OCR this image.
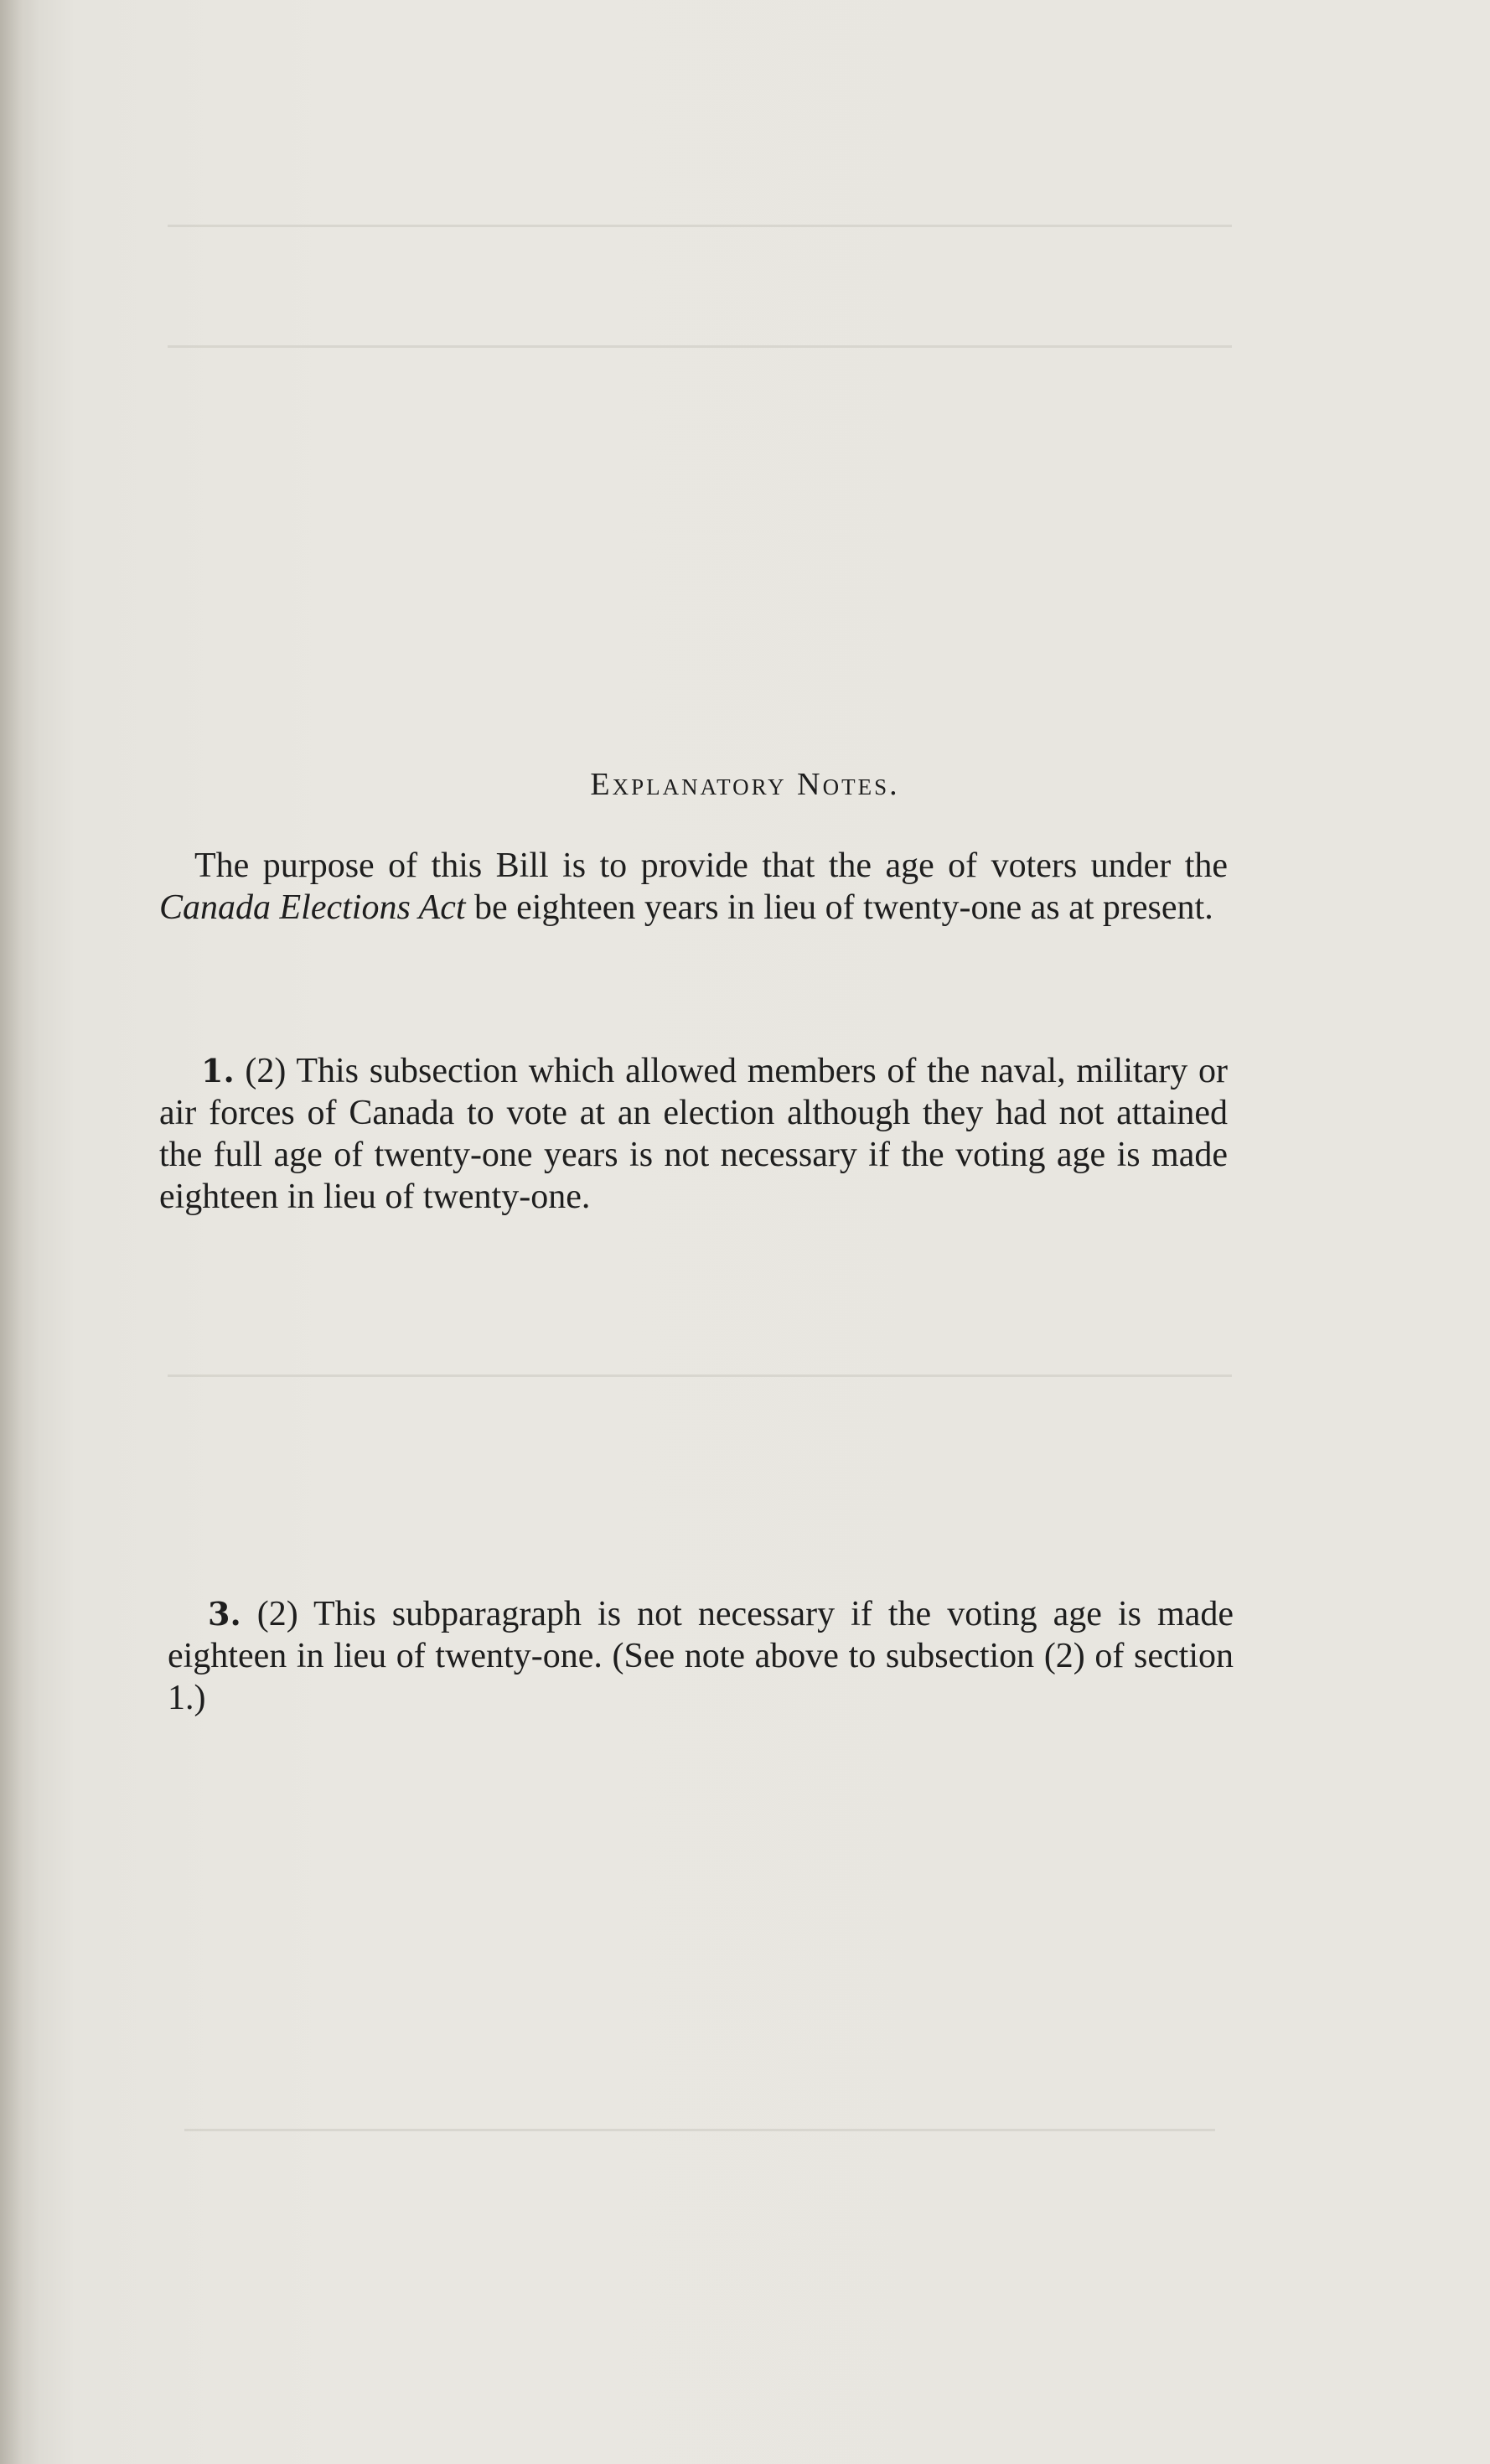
Explanatory Notes.
The purpose of this Bill is to provide that the age of voters under the Canada Elections Act be eighteen years in lieu of twenty-one as at present.
1. (2) This subsection which allowed members of the naval, military or air forces of Canada to vote at an election although they had not attained the full age of twenty-one years is not necessary if the voting age is made eighteen in lieu of twenty-one.
3. (2) This subparagraph is not necessary if the voting age is made eighteen in lieu of twenty-one. (See note above to subsection (2) of section 1.)
